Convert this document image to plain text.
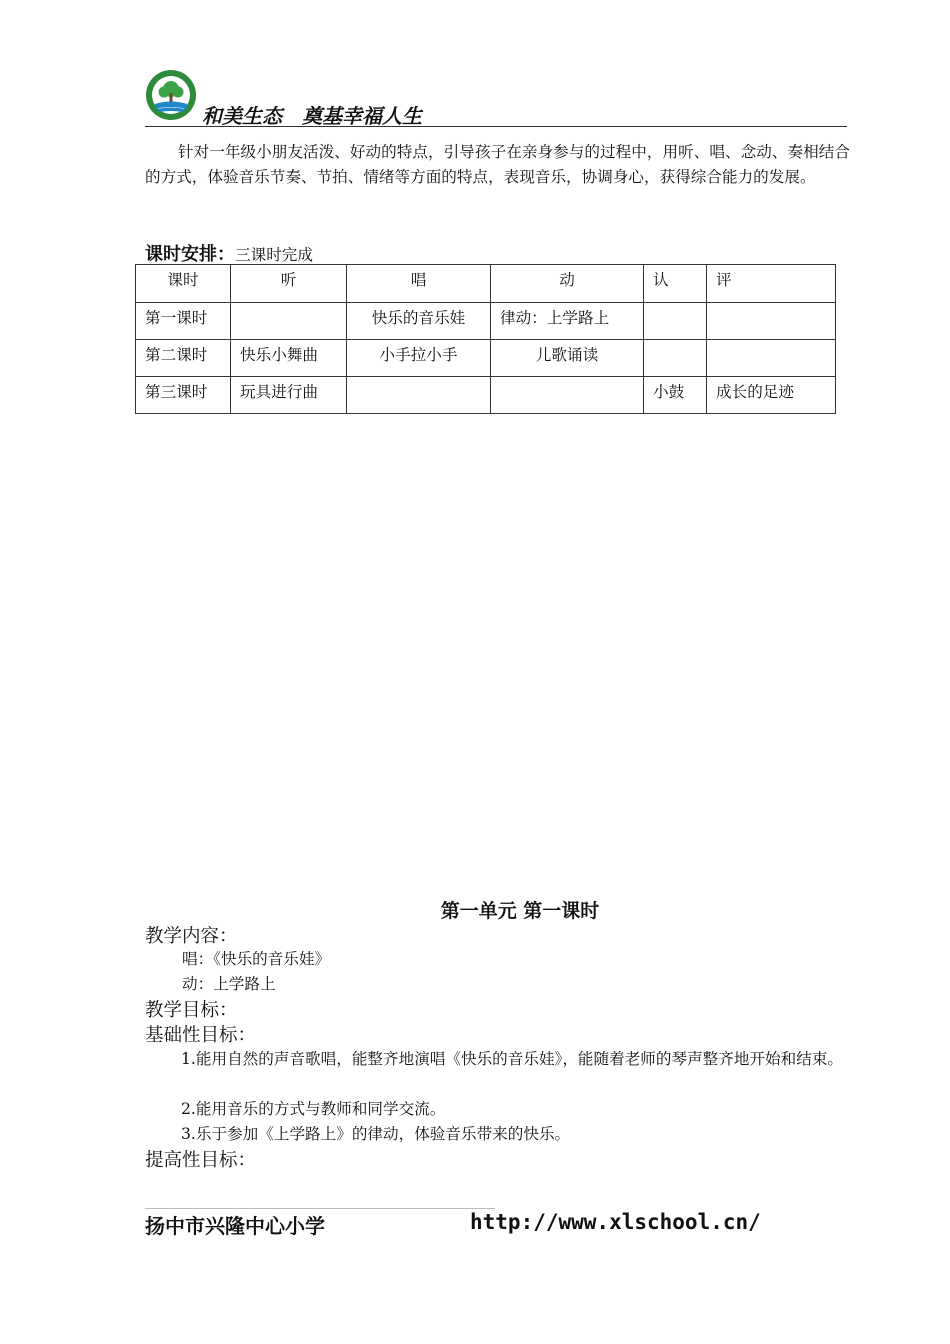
和美生态　奠基幸福人生
针对一年级小朋友活泼、好动的特点，引导孩子在亲身参与的过程中，用听、唱、念动、奏相结合的方式，体验音乐节奏、节拍、情绪等方面的特点，表现音乐，协调身心，获得综合能力的发展。
课时安排：三课时完成
课时	听	唱	动	认	评
第一课时		快乐的音乐娃	律动：上学路上		
第二课时	快乐小舞曲	小手拉小手	儿歌诵读		
第三课时	玩具进行曲			小鼓	成长的足迹
第一单元 第一课时
教学内容：
唱：《快乐的音乐娃》
动：上学路上
教学目标：
基础性目标：
1.能用自然的声音歌唱，能整齐地演唱《快乐的音乐娃》，能随着老师的琴声整齐地开始和结束。
2.能用音乐的方式与教师和同学交流。
3.乐于参加《上学路上》的律动，体验音乐带来的快乐。
提高性目标：
扬中市兴隆中心小学	http://www.xlschool.cn/
